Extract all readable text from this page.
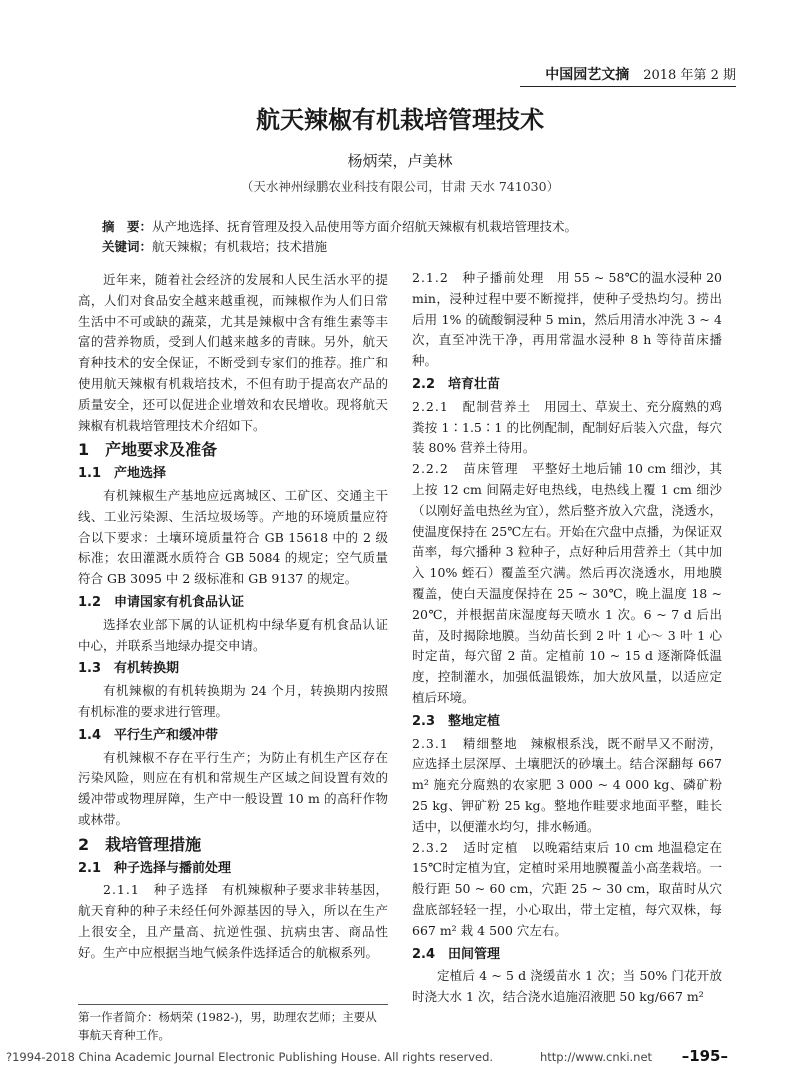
中国园艺文摘 2018 年第 2 期
航天辣椒有机栽培管理技术
杨炳荣，卢美林
（天水神州绿鹏农业科技有限公司，甘肃 天水 741030）
摘　要：从产地选择、抚育管理及投入品使用等方面介绍航天辣椒有机栽培管理技术。
关键词：航天辣椒；有机栽培；技术措施

近年来，随着社会经济的发展和人民生活水平的提高，人们对食品安全越来越重视，而辣椒作为人们日常生活中不可或缺的蔬菜，尤其是辣椒中含有维生素等丰富的营养物质，受到人们越来越多的青睐。另外，航天育种技术的安全保证，不断受到专家们的推荐。推广和使用航天辣椒有机栽培技术，不但有助于提高农产品的质量安全，还可以促进企业增效和农民增收。现将航天辣椒有机栽培管理技术介绍如下。

1　产地要求及准备
1.1　产地选择

有机辣椒生产基地应远离城区、工矿区、交通主干线、工业污染源、生活垃圾场等。产地的环境质量应符合以下要求：土壤环境质量符合 GB 15618 中的 2 级标准；农田灌溉水质符合 GB 5084 的规定；空气质量符合 GB 3095 中 2 级标准和 GB 9137 的规定。

1.2　申请国家有机食品认证

选择农业部下属的认证机构中绿华夏有机食品认证中心，并联系当地绿办提交申请。

1.3　有机转换期

有机辣椒的有机转换期为 24 个月，转换期内按照有机标准的要求进行管理。

1.4　平行生产和缓冲带

有机辣椒不存在平行生产；为防止有机生产区存在污染风险，则应在有机和常规生产区域之间设置有效的缓冲带或物理屏障，生产中一般设置 10 m 的高秆作物或林带。

2　栽培管理措施
2.1　种子选择与播前处理

2.1.1　种子选择　 有机辣椒种子要求非转基因，航天育种的种子未经任何外源基因的导入，所以在生产上很安全，且产量高、抗逆性强、抗病虫害、商品性好。生产中应根据当地气候条件选择适合的航椒系列。

2.1.2　种子播前处理　 用 55 ~ 58℃的温水浸种 20 min，浸种过程中要不断搅拌，使种子受热均匀。捞出后用 1% 的硫酸铜浸种 5 min，然后用清水冲洗 3 ~ 4 次，直至冲洗干净，再用常温水浸种 8 h 等待苗床播种。

2.2　培育壮苗

2.2.1　配制营养土　 用园土、草炭土、充分腐熟的鸡粪按 1∶1.5∶1 的比例配制，配制好后装入穴盘，每穴装 80% 营养土待用。

2.2.2　苗床管理　 平整好土地后铺 10 cm 细沙，其上按 12 cm 间隔走好电热线，电热线上覆 1 cm 细沙（以刚好盖电热丝为宜），然后整齐放入穴盘，浇透水，使温度保持在 25℃左右。开始在穴盘中点播，为保证双苗率，每穴播种 3 粒种子，点好种后用营养土（其中加入 10% 蛭石）覆盖至穴满。然后再次浇透水，用地膜覆盖，使白天温度保持在 25 ~ 30℃，晚上温度 18 ~ 20℃，并根据苗床湿度每天喷水 1 次。6 ~ 7 d 后出苗，及时揭除地膜。当幼苗长到 2 叶 1 心～ 3 叶 1 心时定苗，每穴留 2 苗。定植前 10 ~ 15 d 逐渐降低温度，控制灌水，加强低温锻炼，加大放风量，以适应定植后环境。

2.3　整地定植

2.3.1　精细整地　 辣椒根系浅，既不耐旱又不耐涝，应选择土层深厚、土壤肥沃的砂壤土。结合深翻每 667 m² 施充分腐熟的农家肥 3 000 ~ 4 000 kg、磷矿粉 25 kg、钾矿粉 25 kg。整地作畦要求地面平整，畦长适中，以便灌水均匀，排水畅通。

2.3.2　适时定植　 以晚霜结束后 10 cm 地温稳定在 15℃时定植为宜，定植时采用地膜覆盖小高垄栽培。一般行距 50 ~ 60 cm，穴距 25 ~ 30 cm，取苗时从穴盘底部轻轻一捏，小心取出，带土定植，每穴双株，每 667 m² 栽 4 500 穴左右。

2.4　田间管理

定植后 4 ~ 5 d 浇缓苗水 1 次；当 50% 门花开放时浇大水 1 次，结合浇水追施沼液肥 50 kg/667 m²

第一作者简介：杨炳荣 (1982-)，男，助理农艺师；主要从事航天育种工作。
?1994-2018 China Academic Journal Electronic Publishing House. All rights reserved.	http://www.cnki.net –195–
